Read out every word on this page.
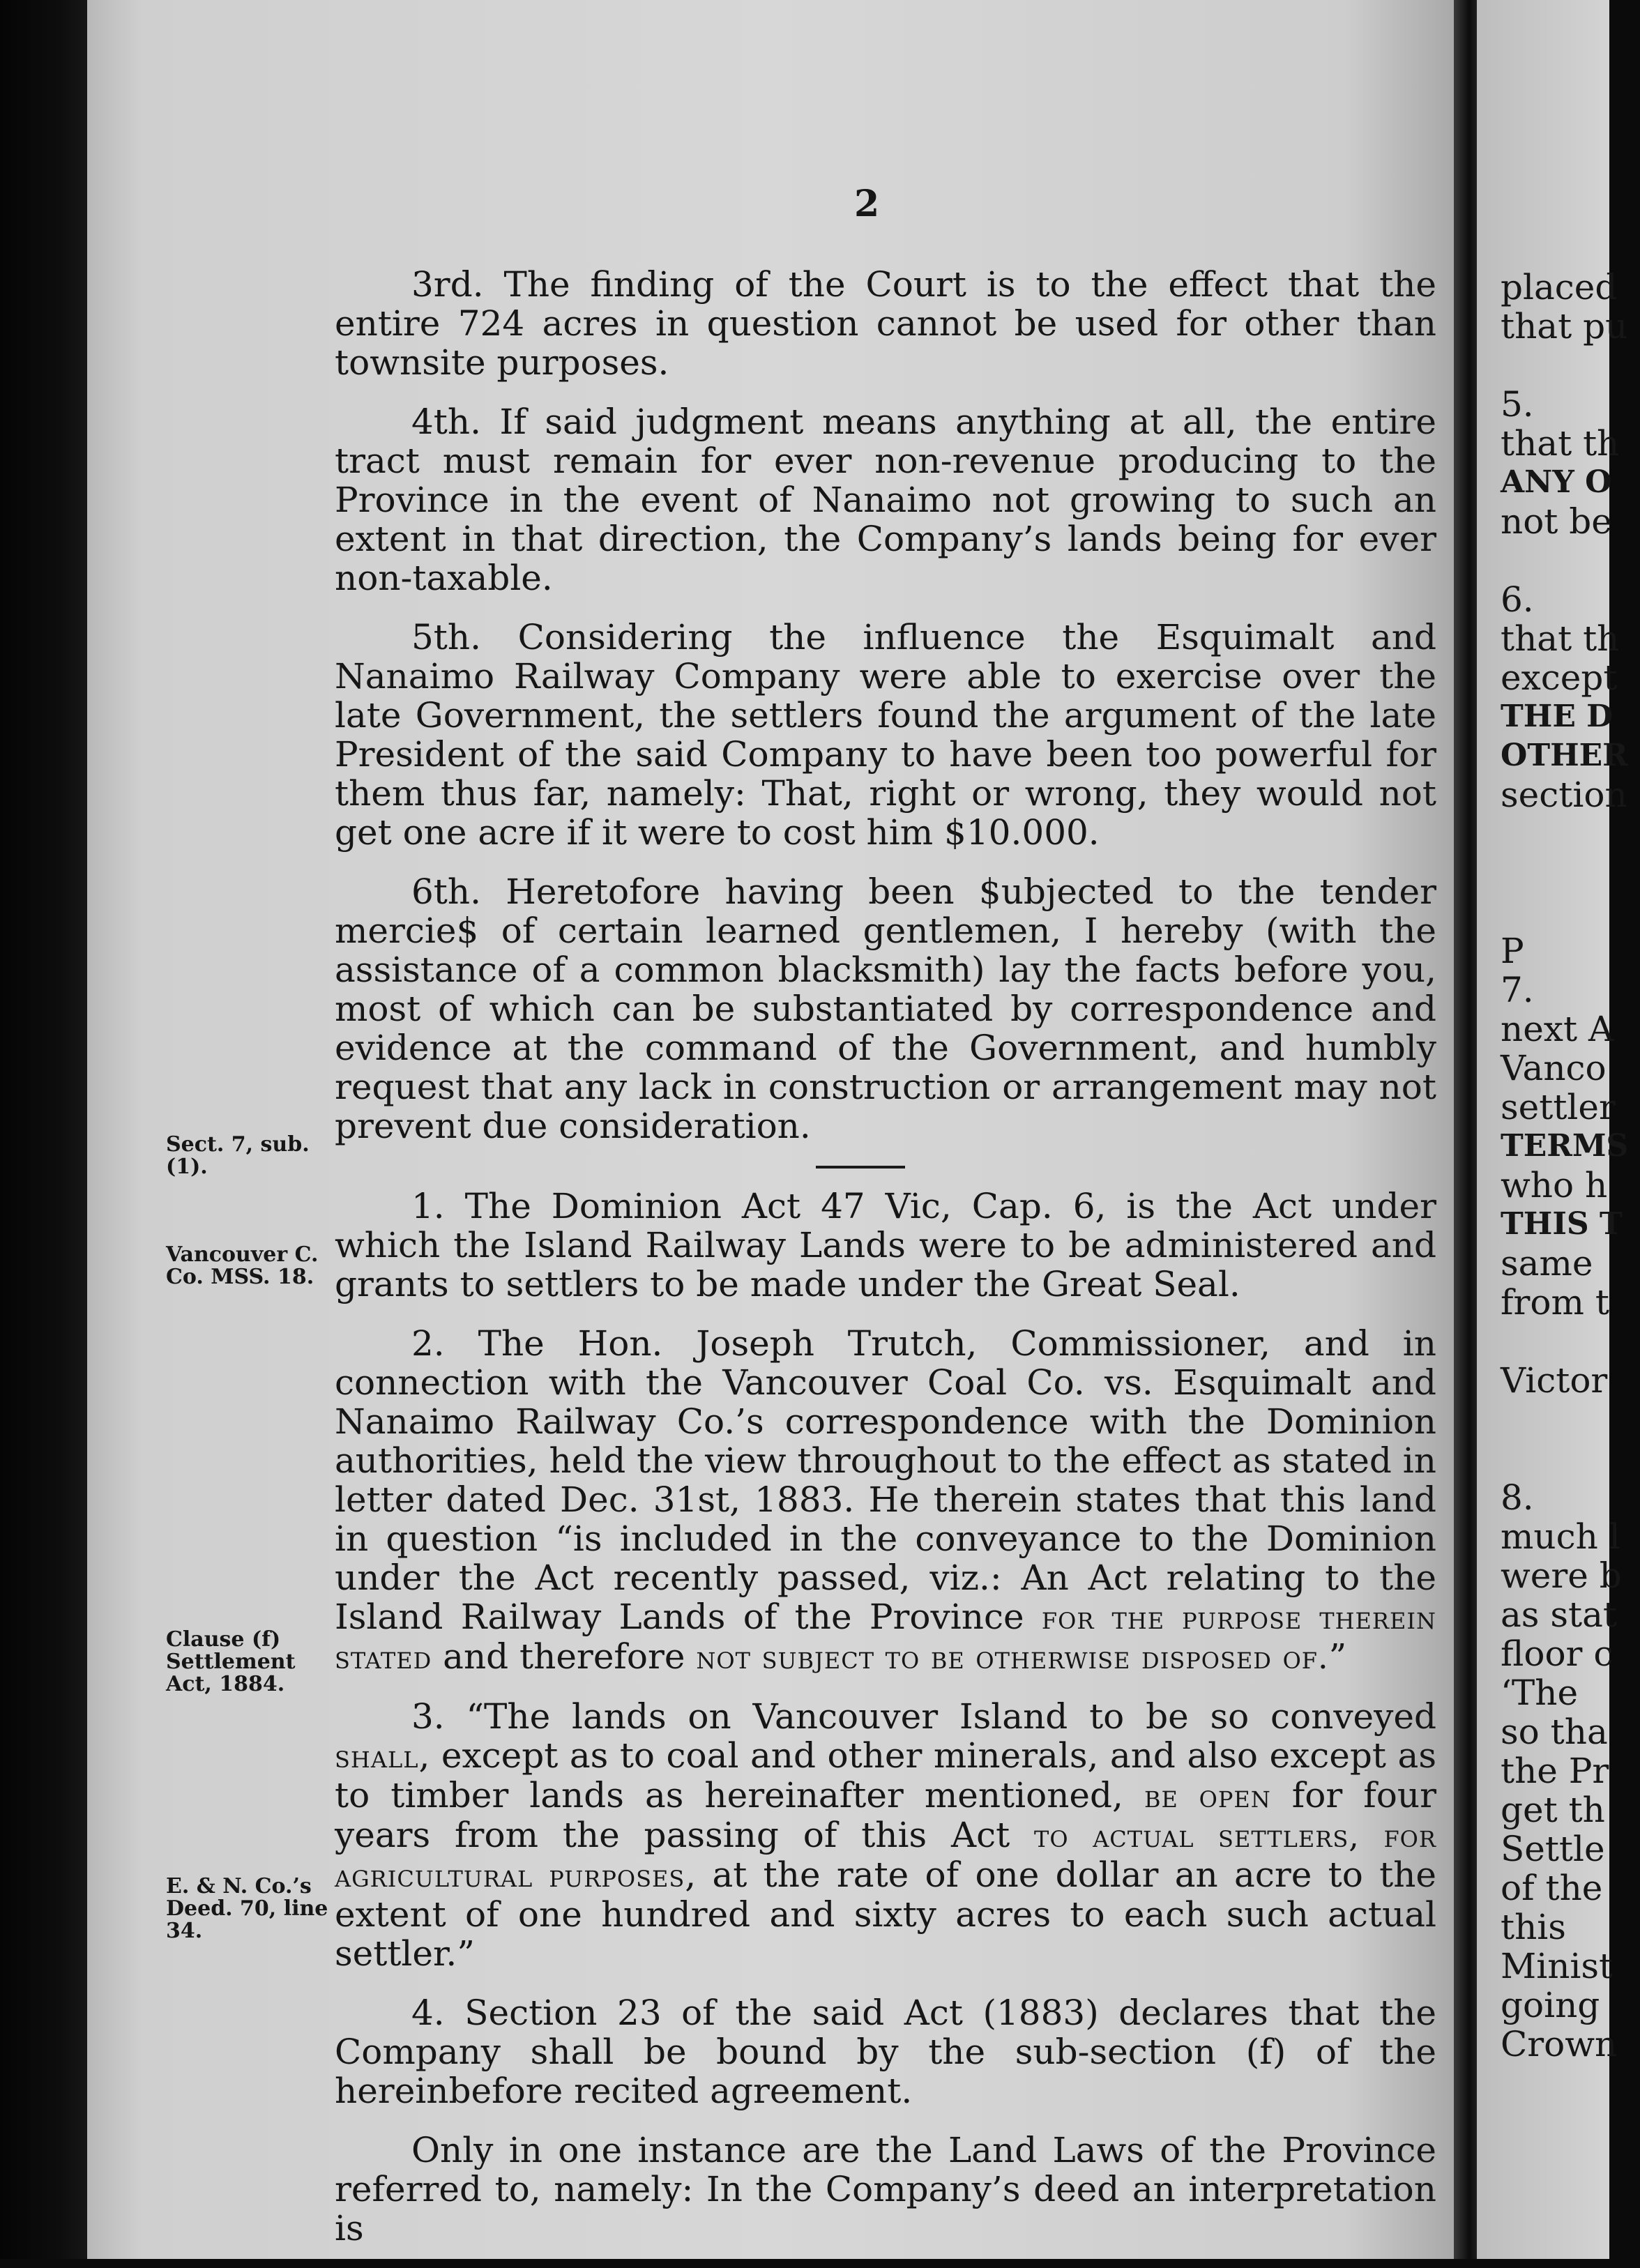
2

3rd. The finding of the Court is to the effect that the entire 724 acres in question cannot be used for other than townsite purposes.

4th. If said judgment means anything at all, the entire tract must remain for ever non-revenue producing to the Province in the event of Nanaimo not growing to such an extent in that direction, the Company’s lands being for ever non-taxable.

5th. Considering the influence the Esquimalt and Nanaimo Railway Company were able to exercise over the late Government, the settlers found the argument of the late President of the said Company to have been too powerful for them thus far, namely: That, right or wrong, they would not get one acre if it were to cost him $10.000.

6th. Heretofore having been $ubjected to the tender mercie$ of certain learned gentlemen, I hereby (with the assistance of a common blacksmith) lay the facts before you, most of which can be substantiated by correspondence and evidence at the command of the Government, and humbly request that any lack in construction or arrangement may not prevent due consideration.

1. The Dominion Act 47 Vic, Cap. 6, is the Act under which the Island Railway Lands were to be administered and grants to settlers to be made under the Great Seal.

2. The Hon. Joseph Trutch, Commissioner, and in connection with the Vancouver Coal Co. vs. Esquimalt and Nanaimo Railway Co.’s correspondence with the Dominion authorities, held the view throughout to the effect as stated in letter dated Dec. 31st, 1883. He therein states that this land in question “is included in the conveyance to the Dominion under the Act recently passed, viz.: An Act relating to the Island Railway Lands of the Province for the purpose therein stated and therefore not subject to be otherwise disposed of.”

3. “The lands on Vancouver Island to be so conveyed shall, except as to coal and other minerals, and also except as to timber lands as hereinafter mentioned, be open for four years from the passing of this Act to actual settlers, for agricultural purposes, at the rate of one dollar an acre to the extent of one hundred and sixty acres to each such actual settler.”

4. Section 23 of the said Act (1883) declares that the Company shall be bound by the sub-section (f) of the hereinbefore recited agreement.

Only in one instance are the Land Laws of the Province referred to, namely: In the Company’s deed an interpretation is

Sect. 7, sub. (1).
Vancouver C. Co. MSS. 18.
Clause (f) Settlement Act, 1884.
E. & N. Co.’s Deed. 70, line 34.
placed
that pu
5.
that th
ANY O
not be
6.
that th
except
THE D
OTHER
section
P
7.
next A
Vanco
settler
TERMS
who h
THIS T
same
from t
Victor
8.
much l
were b
as stat
floor c
‘The
so tha
the Pr
get th
Settle
of the
this
Minist
going
Crown
